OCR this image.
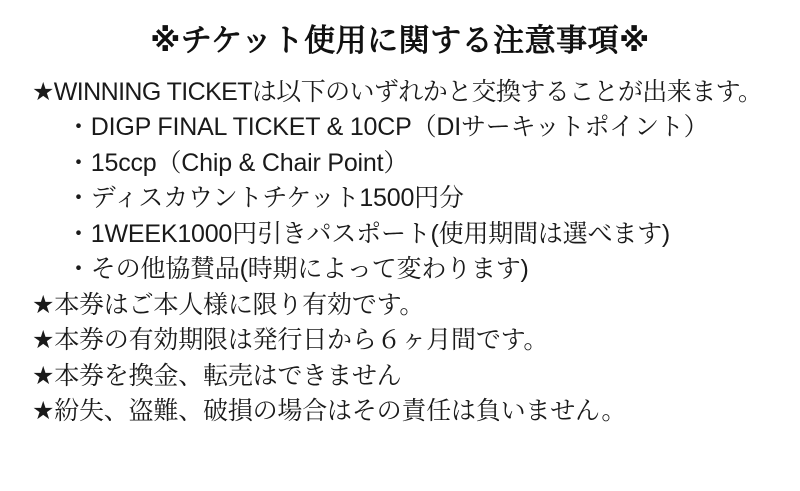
※チケット使用に関する注意事項※
★WINNING TICKETは以下のいずれかと交換することが出来ます。
・DIGP FINAL TICKET & 10CP（DIサーキットポイント）
・15ccp（Chip & Chair Point）
・ディスカウントチケット1500円分
・1WEEK1000円引きパスポート(使用期間は選べます)
・その他協賛品(時期によって変わります)
★本券はご本人様に限り有効です。
★本券の有効期限は発行日から６ヶ月間です。
★本券を換金、転売はできません
★紛失、盗難、破損の場合はその責任は負いません。
